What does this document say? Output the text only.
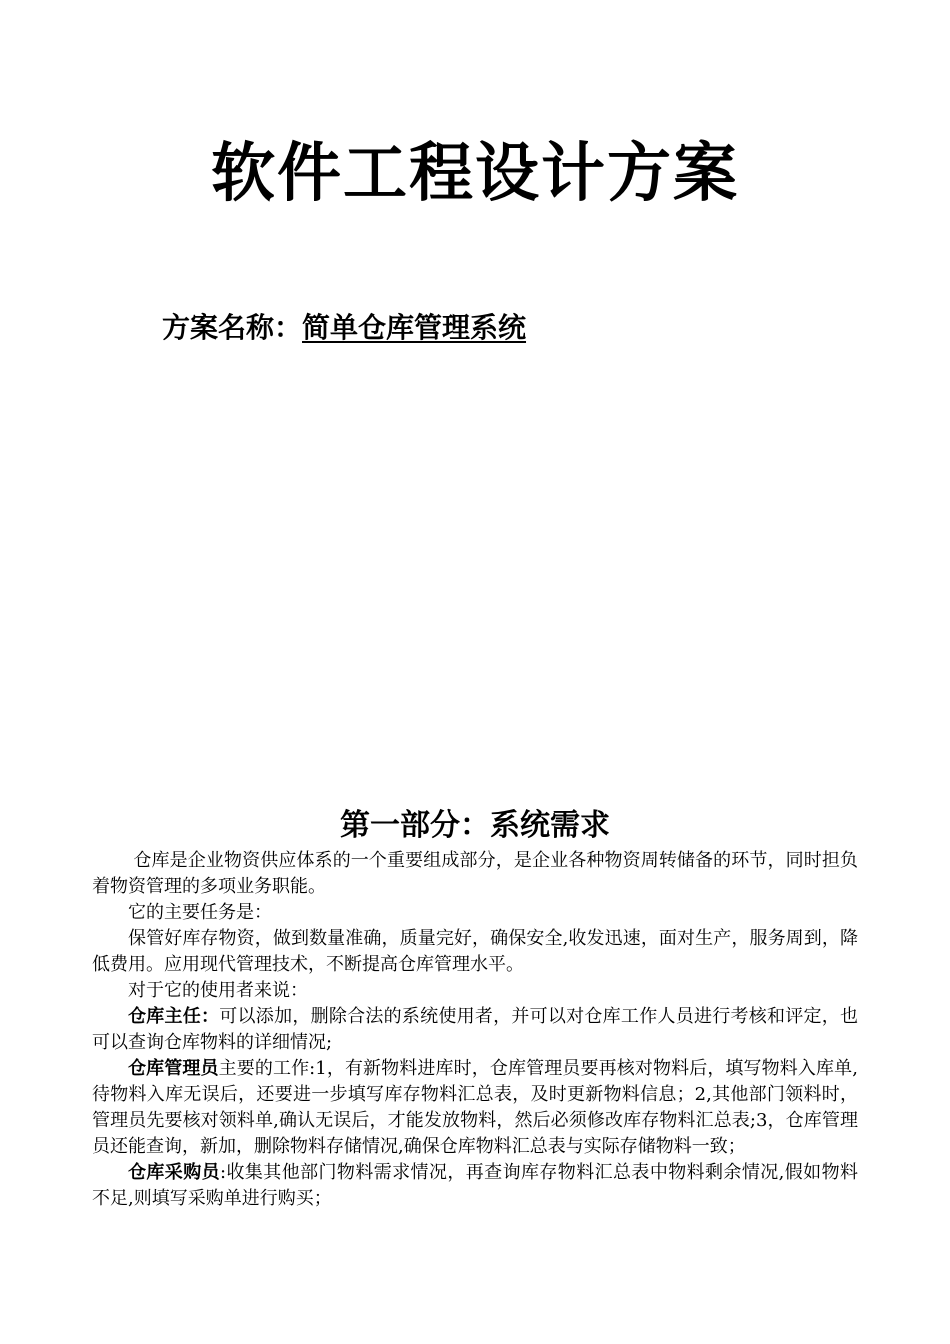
软件工程设计方案
方案名称：简单仓库管理系统
第一部分：系统需求

仓库是企业物资供应体系的一个重要组成部分，是企业各种物资周转储备的环节，同时担负着物资管理的多项业务职能。

它的主要任务是：

保管好库存物资，做到数量准确，质量完好，确保安全,收发迅速，面对生产，服务周到，降低费用。应用现代管理技术，不断提高仓库管理水平。

对于它的使用者来说：

仓库主任：可以添加，删除合法的系统使用者，并可以对仓库工作人员进行考核和评定，也可以查询仓库物料的详细情况;

仓库管理员主要的工作:1，有新物料进库时，仓库管理员要再核对物料后，填写物料入库单,待物料入库无误后，还要进一步填写库存物料汇总表，及时更新物料信息；2,其他部门领料时，管理员先要核对领料单,确认无误后，才能发放物料，然后必须修改库存物料汇总表;3，仓库管理员还能查询，新加，删除物料存储情况,确保仓库物料汇总表与实际存储物料一致；

仓库采购员:收集其他部门物料需求情况，再查询库存物料汇总表中物料剩余情况,假如物料不足,则填写采购单进行购买；
